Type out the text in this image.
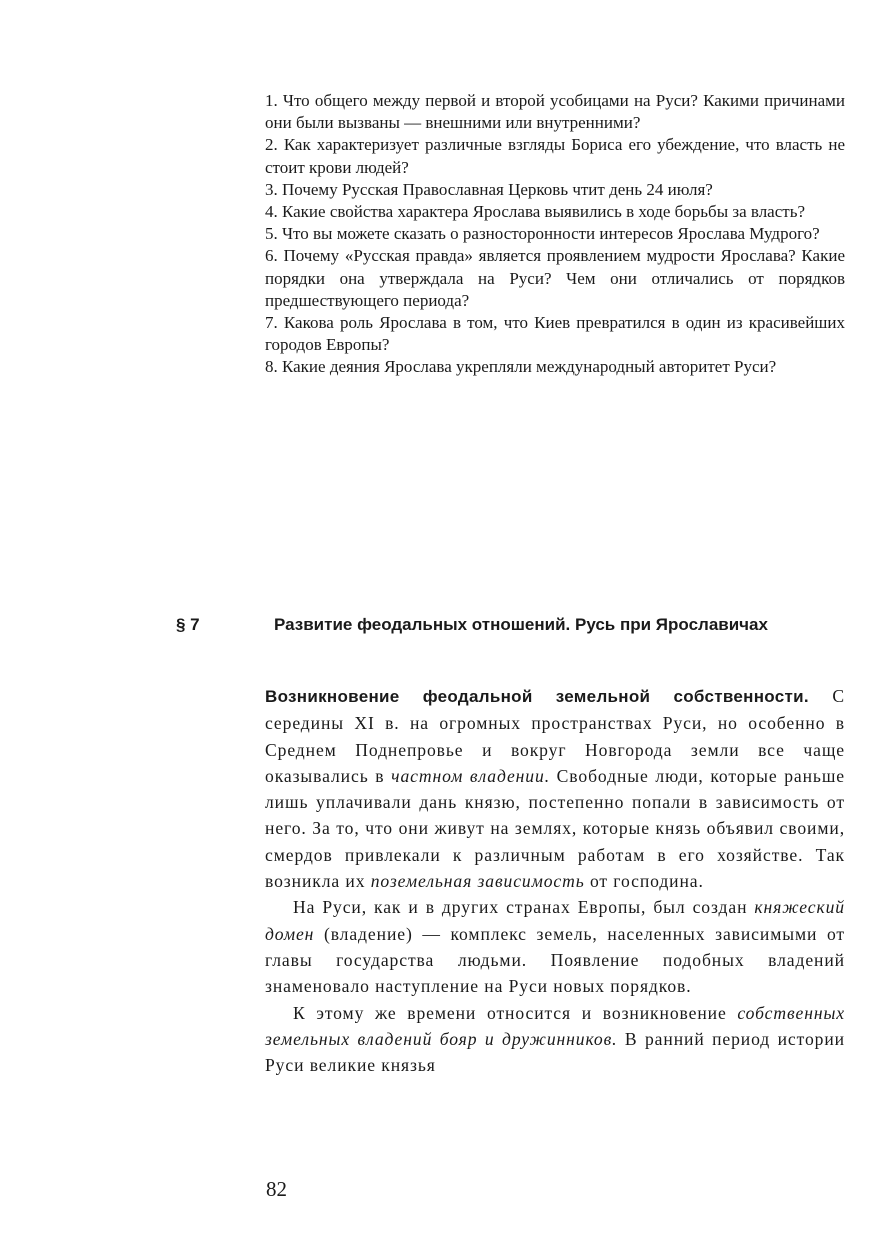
1. Что общего между первой и второй усобицами на Руси? Какими причинами они были вызваны — внешними или внутренними?

2. Как характеризует различные взгляды Бориса его убеждение, что власть не стоит крови людей?

3. Почему Русская Православная Церковь чтит день 24 июля?

4. Какие свойства характера Ярослава выявились в ходе борьбы за власть?

5. Что вы можете сказать о разносторонности интересов Ярослава Мудрого?

6. Почему «Русская правда» является проявлением мудрости Ярослава? Какие порядки она утверждала на Руси? Чем они отличались от порядков предшествующего периода?

7. Какова роль Ярослава в том, что Киев превратился в один из красивейших городов Европы?

8. Какие деяния Ярослава укрепляли международный авторитет Руси?

§ 7	Развитие феодальных отношений. Русь при Ярославичах

Возникновение феодальной земельной собственности. С середины XI в. на огромных пространствах Руси, но особенно в Среднем Поднепровье и вокруг Новгорода земли все чаще оказывались в частном владении. Свободные люди, которые раньше лишь уплачивали дань князю, постепенно попали в зависимость от него. За то, что они живут на землях, которые князь объявил своими, смердов привлекали к различным работам в его хозяйстве. Так возникла их поземельная зависимость от господина.

На Руси, как и в других странах Европы, был создан княжеский домен (владение) — комплекс земель, населенных зависимыми от главы государства людьми. Появление подобных владений знаменовало наступление на Руси новых порядков.

К этому же времени относится и возникновение собственных земельных владений бояр и дружинников. В ранний период истории Руси великие князья

82
